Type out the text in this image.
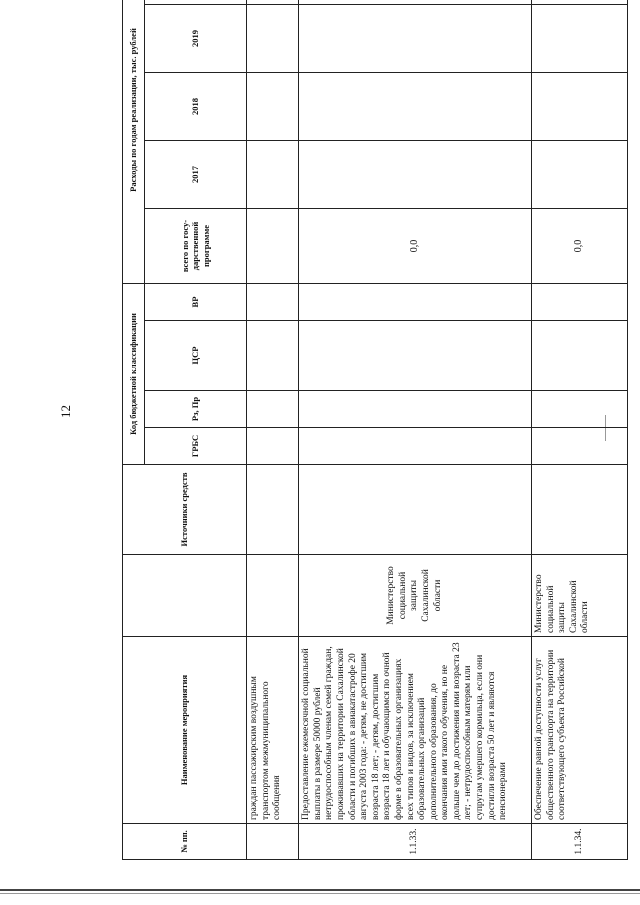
12
№ пп.	Наименование мероприятия		Источники средств	Код бюджетной классификации				Расходы по годам реализации, тыс. рублей				
				ГРБС	Рз, Пр	ЦСР	ВР	всего по госу-дарственной программе	2017	2018	2019	

	граждан пассажирским воздушным транспортом межмуниципального сообщения											
1.1.33.	Предоставление ежемесячной социальной выплаты в размере 50000 рублей нетрудоспособным членам семей граждан, проживавших на территории Сахалинской области и погибших в авиакатастрофе 20 августа 2003 года: - детям, не достигшим возраста 18 лет; - детям, достигшим возраста 18 лет и обучающимся по очной форме в образовательных организациях всех типов и видов, за исключением образовательных организаций дополнительного образования, до окончания ими такого обучения, но не дольше чем до достижения ими возраста 23 лет; - нетрудоспособным матерям или супругам умершего кормильца, если они достигли возраста 50 лет и являются пенсионерами	Министерство социальной защиты Сахалинской области						0,0				
1.1.34.	Обеспечение равной доступности услуг общественного транспорта на территории соответствующего субъекта Российской	Министерство социальной защиты Сахалинской области						0,0				
